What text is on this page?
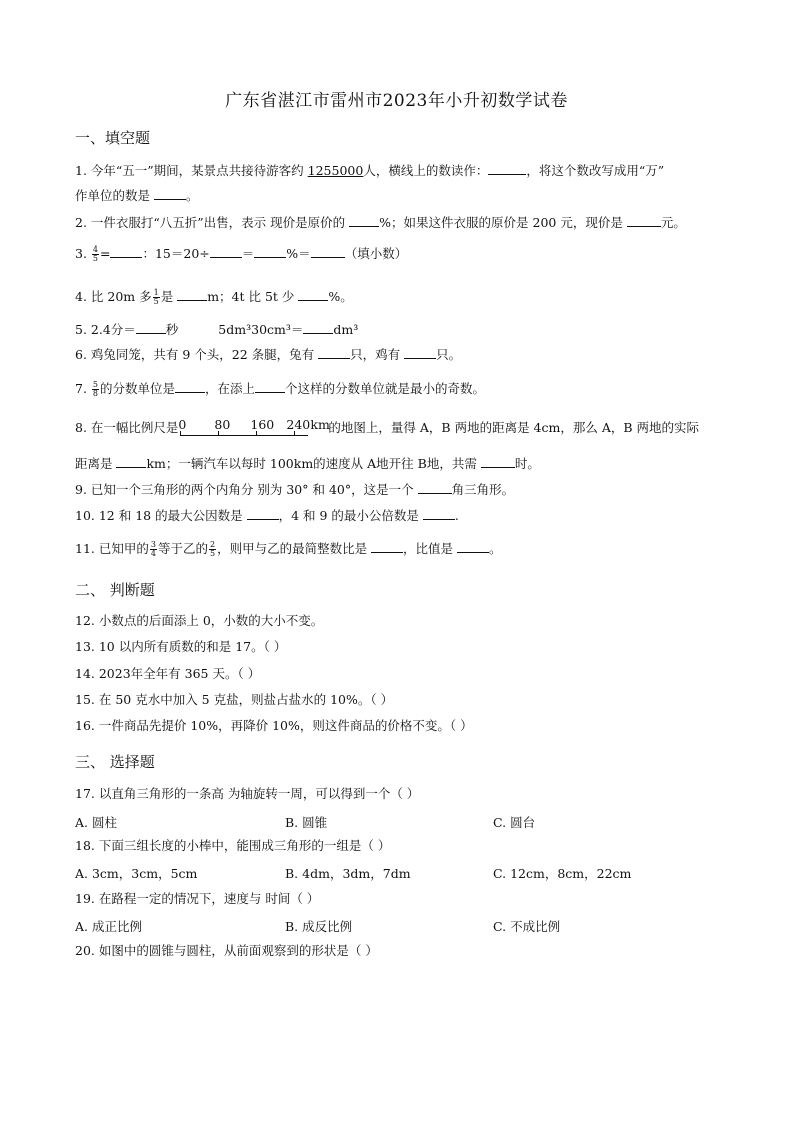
广东省湛江市雷州市2023年小升初数学试卷
一、填空题
1. 今年“五一”期间，某景点共接待游客约 1255000人，横线上的数读作：	，将这个数改写成用“万”
作单位的数是	。
2. 一件衣服打“八五折”出售，表示 现价是原价的 %；如果这件衣服的原价是 200 元，现价是	元。
3. $\frac{4}{5}$ =	：15＝20÷	＝	%＝	（填小数）
4. 比 20m 多 $\frac{1}{5}$ 是 m；4t 比 5t 少 %。
5. 2.4分＝ 秒	5dm³30cm³＝ dm³
6. 鸡兔同笼，共有 9 个头，22 条腿，兔有	只，鸡有	只。
7. $\frac{5}{8}$ 的分数单位是 ，在添上 个这样的分数单位就是最小的奇数。
8. 在一幅比例尺是 0 80 160 240 km
的地图上，量得 A，B 两地的距离是 4cm，那么 A，B 两地的实际
距离是 km；一辆汽车以每时 100km的速度从 A地开往 B地，共需	时。
9. 已知一个三角形的两个内角分 别为 30° 和 40°，这是一个	角三角形。
10. 12 和 18 的最大公因数是	，4 和 9 的最小公倍数是	.
11. 已知甲的 $\frac{3}{4}$ 等于乙的 $\frac{2}{5}$ ，则甲与乙的最简整数比是	，比值是	。
二、 判断题
12. 小数点的后面添上 0，小数的大小不变。
13. 10 以内所有质数的和是 17。（ ）
14. 2023年全年有 365 天。（ ）
15. 在 50 克水中加入 5 克盐，则盐占盐水的 10%。（ ）
16. 一件商品先提价 10%，再降价 10%，则这件商品的价格不变。（ ）
三、 选择题
17. 以直角三角形的一条高 为轴旋转一周，可以得到一个（ ）
A. 圆柱	B. 圆锥	C. 圆台
18. 下面三组长度的小棒中，能围成三角形的一组是（ ）
A. 3cm，3cm，5cm	B. 4dm，3dm，7dm	C. 12cm，8cm，22cm
19. 在路程一定的情况下，速度与 时间（ ）
A. 成正比例	B. 成反比例	C. 不成比例
20. 如图中的圆锥与圆柱，从前面观察到的形状是（ ）
